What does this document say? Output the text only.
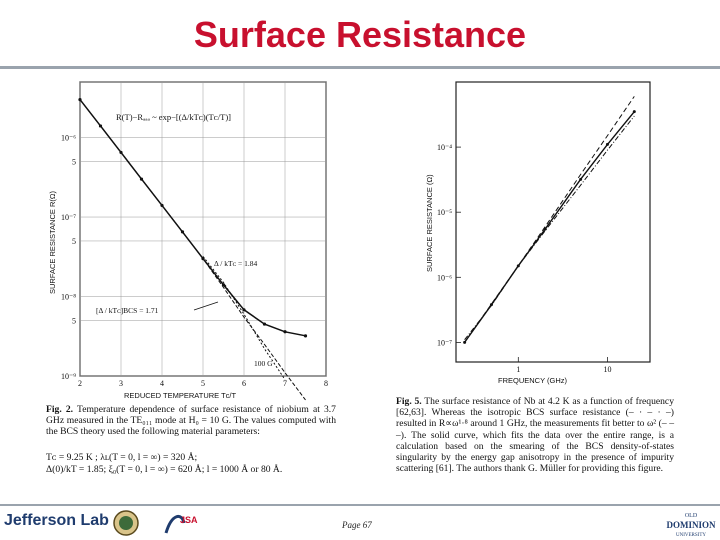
Surface Resistance
10⁻⁶
5
10⁻⁷
5
10⁻⁸
5
10⁻⁹
2	3	4	5	6	7	8
R(T)−Rₐₐₐ ~ exp−[(Δ/kTᴄ)(Tᴄ/T)]
SURFACE RESISTANCE R(Ω)
REDUCED TEMPERATURE Tᴄ/T
Δ / kTᴄ = 1.84
[Δ / kTᴄ]BCS = 1.71
100 G
Fig. 2. Temperature dependence of surface resistance of niobium at 3.7 GHz measured in the TE₀₁₁ mode at H₀ = 10 G. The values computed with the BCS theory used the following material parameters:
Tᴄ = 9.25 K ; λʟ(T = 0, l = ∞) = 320 Å;
Δ(0)/kT = 1.85; ξ₀(T = 0, l = ∞) = 620 Å; l = 1000 Å or 80 Å.
10⁻⁴
10⁻⁵
10⁻⁶
10⁻⁷
1	10
SURFACE RESISTANCE (Ω)
FREQUENCY (GHz)
Fig. 5. The surface resistance of Nb at 4.2 K as a function of frequency [62,63]. Whereas the isotropic BCS surface resistance (– · – · –) resulted in R∝ω¹·⁸ around 1 GHz, the measurements fit better to ω² (– – –). The solid curve, which fits the data over the entire range, is a calculation based on the smearing of the BCS density-of-states singularity by the energy gap anisotropy in the presence of impurity scattering [61]. The authors thank G. Müller for providing this figure.
Jefferson Lab	JSA	Page 67
OLD
DOMINION
UNIVERSITY
